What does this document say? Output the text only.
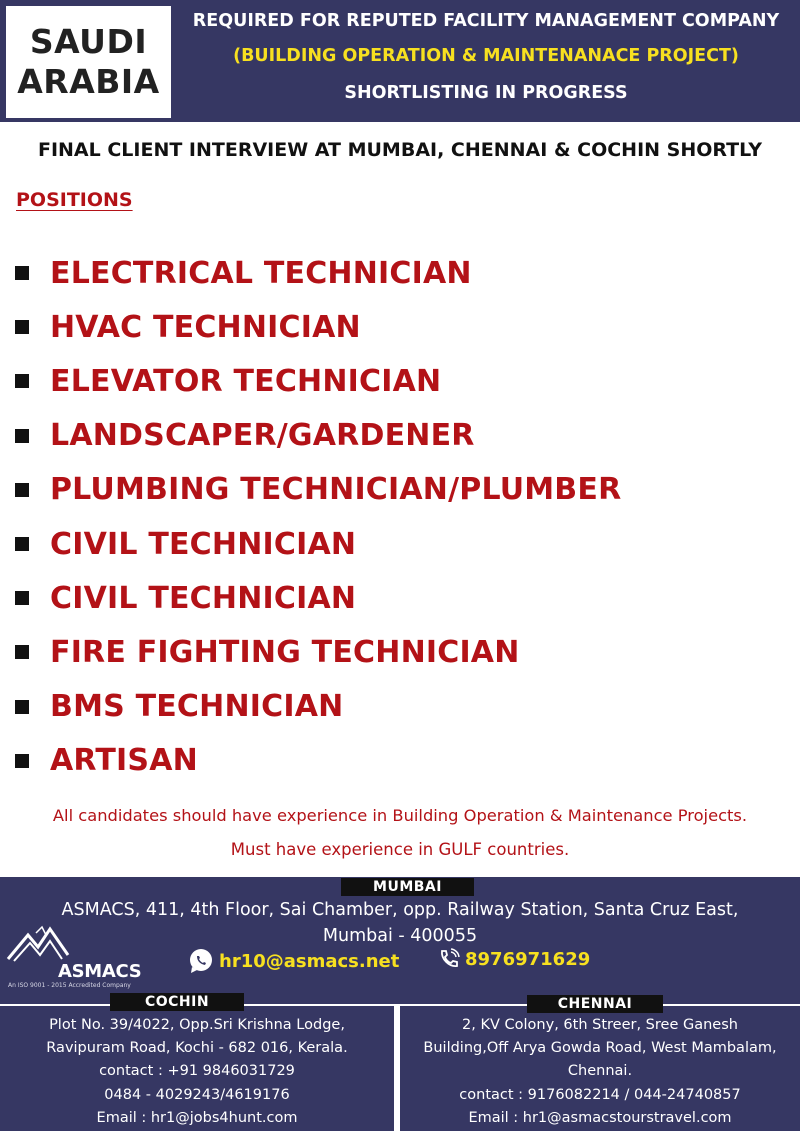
SAUDI
ARABIA
REQUIRED FOR REPUTED FACILITY MANAGEMENT COMPANY
(BUILDING OPERATION & MAINTENANACE PROJECT)
SHORTLISTING IN PROGRESS
FINAL CLIENT INTERVIEW AT MUMBAI, CHENNAI & COCHIN SHORTLY
POSITIONS
ELECTRICAL TECHNICIAN
HVAC TECHNICIAN
ELEVATOR TECHNICIAN
LANDSCAPER/GARDENER
PLUMBING TECHNICIAN/PLUMBER
CIVIL TECHNICIAN
CIVIL TECHNICIAN
FIRE FIGHTING TECHNICIAN
BMS TECHNICIAN
ARTISAN
All candidates should have experience in Building Operation & Maintenance Projects.
Must have experience in GULF countries.
MUMBAI
ASMACS, 411, 4th Floor, Sai Chamber, opp. Railway Station, Santa Cruz East,
Mumbai - 400055
ASMACS
An ISO 9001 - 2015 Accredited Company
hr10@asmacs.net	8976971629
Plot No. 39/4022, Opp.Sri Krishna Lodge,
Ravipuram Road, Kochi - 682 016, Kerala.
contact : +91 9846031729
0484 - 4029243/4619176
Email : hr1@jobs4hunt.com
2, KV Colony, 6th Streer, Sree Ganesh
Building,Off Arya Gowda Road, West Mambalam,
Chennai.
contact : 9176082214 / 044-24740857
Email : hr1@asmacstourstravel.com
COCHIN	CHENNAI
